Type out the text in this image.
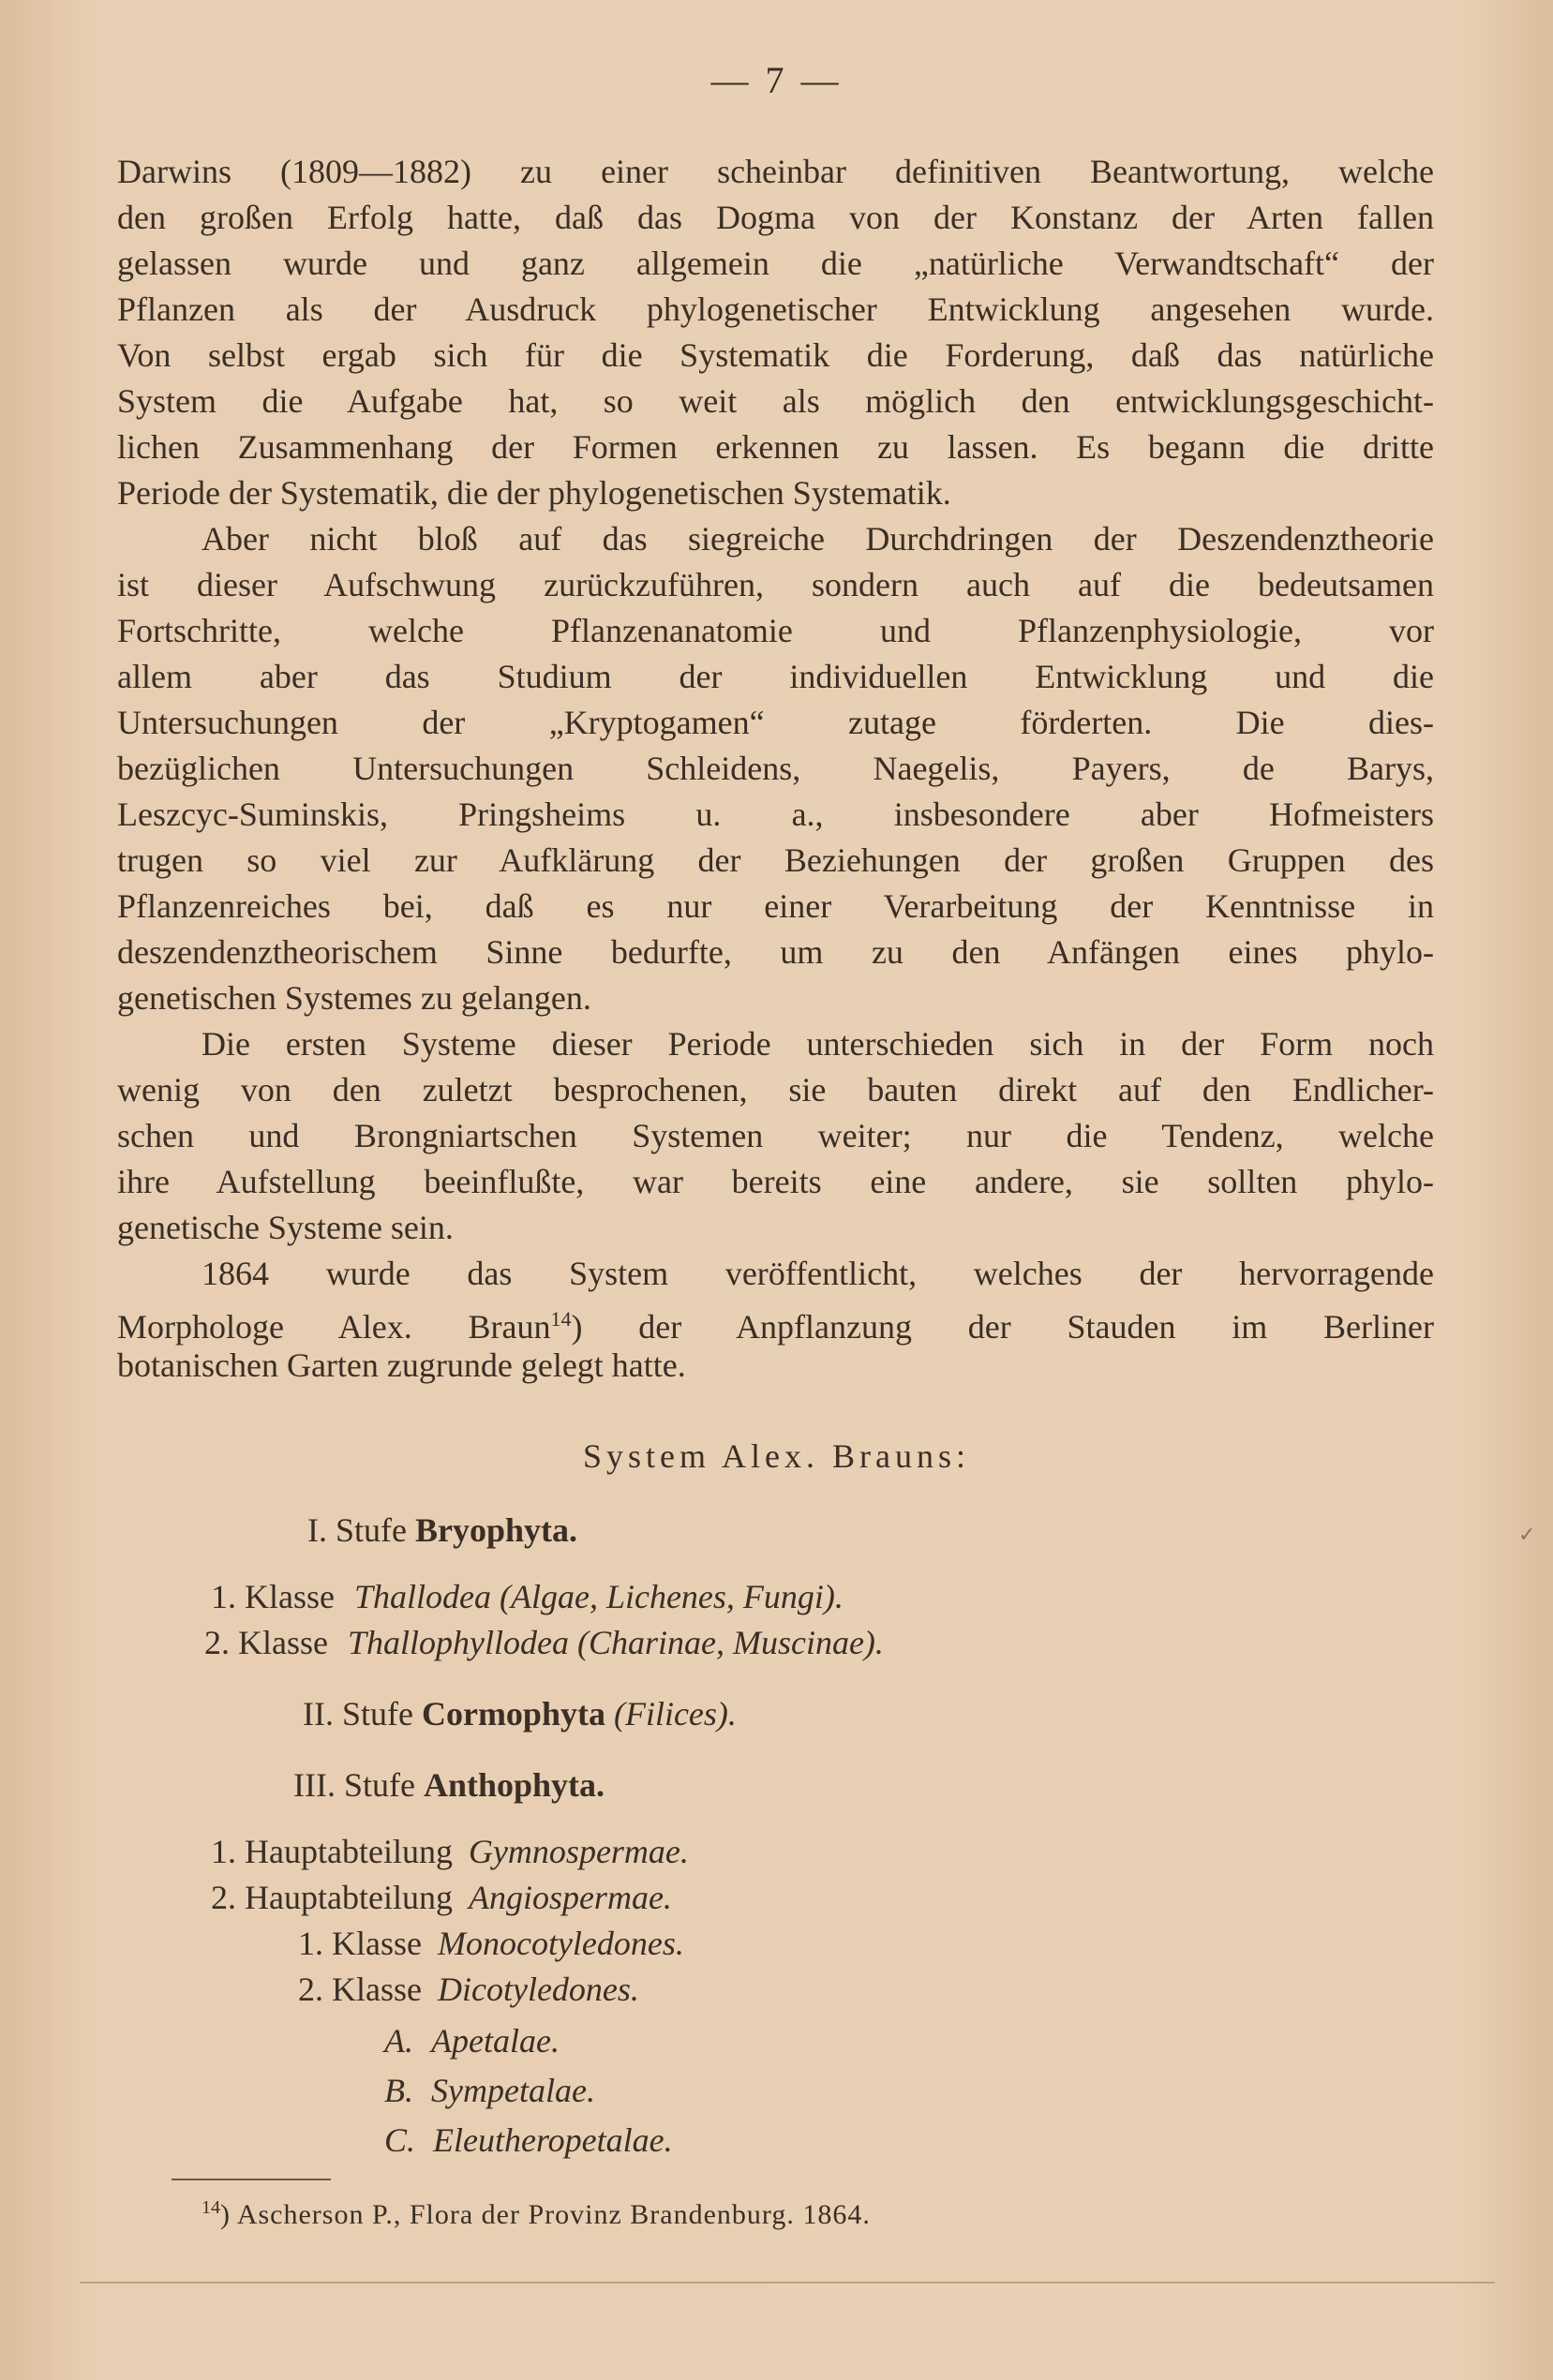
— 7 —
Darwins (1809—1882) zu einer scheinbar definitiven Beantwortung, welche
den großen Erfolg hatte, daß das Dogma von der Konstanz der Arten fallen
gelassen wurde und ganz allgemein die „natürliche Verwandtschaft“ der
Pflanzen als der Ausdruck phylogenetischer Entwicklung angesehen wurde.
Von selbst ergab sich für die Systematik die Forderung, daß das natürliche
System die Aufgabe hat, so weit als möglich den entwicklungsgeschicht-
lichen Zusammenhang der Formen erkennen zu lassen. Es begann die dritte
Periode der Systematik, die der phylogenetischen Systematik.
Aber nicht bloß auf das siegreiche Durchdringen der Deszendenztheorie
ist dieser Aufschwung zurückzuführen, sondern auch auf die bedeutsamen
Fortschritte, welche Pflanzenanatomie und Pflanzenphysiologie, vor
allem aber das Studium der individuellen Entwicklung und die
Untersuchungen der „Kryptogamen“ zutage förderten. Die dies-
bezüglichen Untersuchungen Schleidens, Naegelis, Payers, de Barys,
Leszcyc-Suminskis, Pringsheims u. a., insbesondere aber Hofmeisters
trugen so viel zur Aufklärung der Beziehungen der großen Gruppen des
Pflanzenreiches bei, daß es nur einer Verarbeitung der Kenntnisse in
deszendenztheorischem Sinne bedurfte, um zu den Anfängen eines phylo-
genetischen Systemes zu gelangen.
Die ersten Systeme dieser Periode unterschieden sich in der Form noch
wenig von den zuletzt besprochenen, sie bauten direkt auf den Endlicher-
schen und Brongniartschen Systemen weiter; nur die Tendenz, welche
ihre Aufstellung beeinflußte, war bereits eine andere, sie sollten phylo-
genetische Systeme sein.
1864 wurde das System veröffentlicht, welches der hervorragende
Morphologe Alex. Braun$^{14}$) der Anpflanzung der Stauden im Berliner
botanischen Garten zugrunde gelegt hatte.
System Alex. Brauns:
I. Stufe Bryophyta.
1. Klasse Thallodea (Algae, Lichenes, Fungi).
2. Klasse Thallophyllodea (Charinae, Muscinae).
II. Stufe Cormophyta (Filices).
III. Stufe Anthophyta.
1. Hauptabteilung Gymnospermae.
2. Hauptabteilung Angiospermae.
1. Klasse Monocotyledones.
2. Klasse Dicotyledones.
A. Apetalae.
B. Sympetalae.
C. Eleutheropetalae.
$^{14}$) Ascherson P., Flora der Provinz Brandenburg. 1864.
✓
